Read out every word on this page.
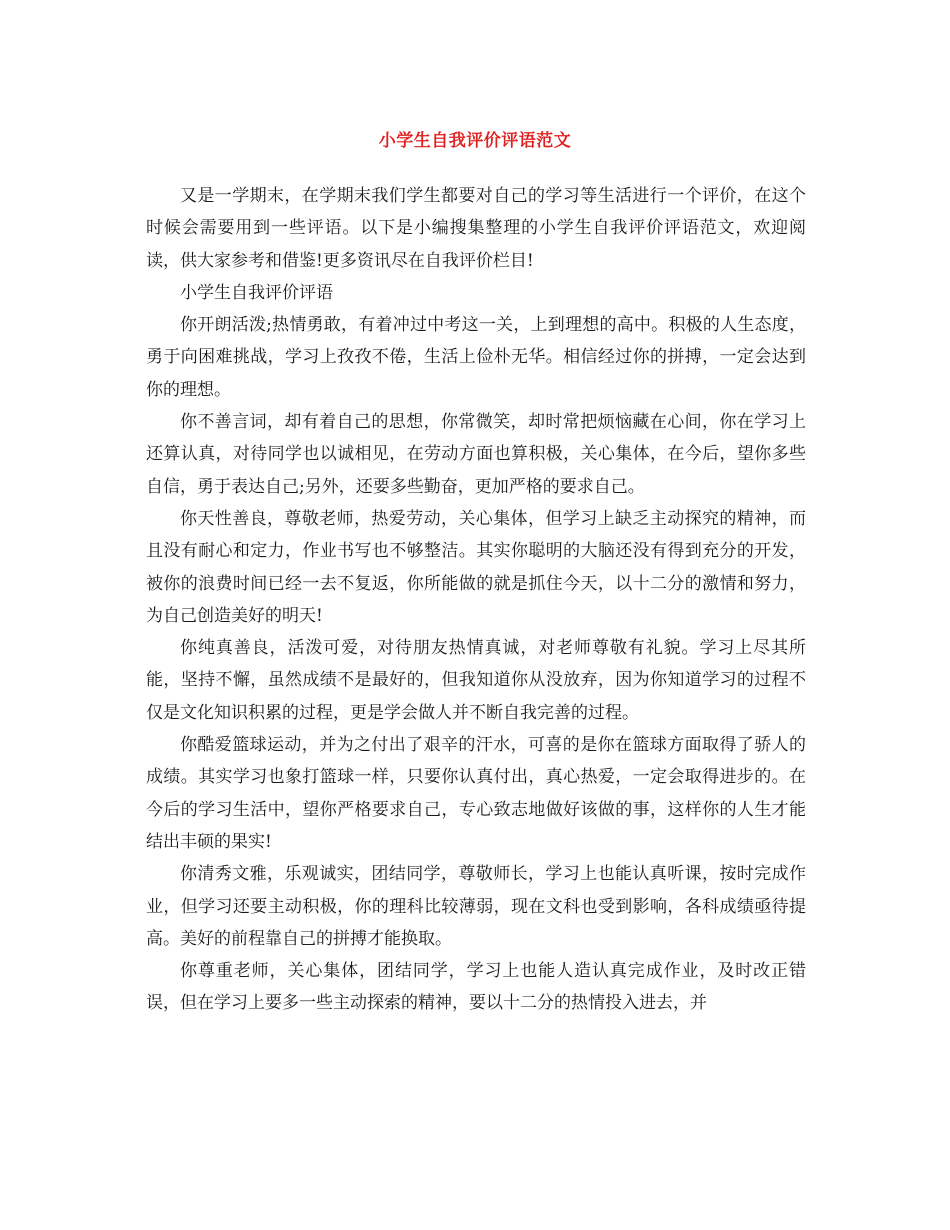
小学生自我评价评语范文

又是一学期末，在学期末我们学生都要对自己的学习等生活进行一个评价，在这个时候会需要用到一些评语。以下是小编搜集整理的小学生自我评价评语范文，欢迎阅读，供大家参考和借鉴!更多资讯尽在自我评价栏目!

小学生自我评价评语

你开朗活泼;热情勇敢，有着冲过中考这一关，上到理想的高中。积极的人生态度，勇于向困难挑战，学习上孜孜不倦，生活上俭朴无华。相信经过你的拼搏，一定会达到你的理想。

你不善言词，却有着自己的思想，你常微笑，却时常把烦恼藏在心间，你在学习上还算认真，对待同学也以诚相见，在劳动方面也算积极，关心集体，在今后，望你多些自信，勇于表达自己;另外，还要多些勤奋，更加严格的要求自己。

你天性善良，尊敬老师，热爱劳动，关心集体，但学习上缺乏主动探究的精神，而且没有耐心和定力，作业书写也不够整洁。其实你聪明的大脑还没有得到充分的开发，被你的浪费时间已经一去不复返，你所能做的就是抓住今天，以十二分的激情和努力，为自己创造美好的明天!

你纯真善良，活泼可爱，对待朋友热情真诚，对老师尊敬有礼貌。学习上尽其所能，坚持不懈，虽然成绩不是最好的，但我知道你从没放弃，因为你知道学习的过程不仅是文化知识积累的过程，更是学会做人并不断自我完善的过程。

你酷爱篮球运动，并为之付出了艰辛的汗水，可喜的是你在篮球方面取得了骄人的成绩。其实学习也象打篮球一样，只要你认真付出，真心热爱，一定会取得进步的。在今后的学习生活中，望你严格要求自己，专心致志地做好该做的事，这样你的人生才能结出丰硕的果实!

你清秀文雅，乐观诚实，团结同学，尊敬师长，学习上也能认真听课，按时完成作业，但学习还要主动积极，你的理科比较薄弱，现在文科也受到影响，各科成绩亟待提高。美好的前程靠自己的拼搏才能换取。

你尊重老师，关心集体，团结同学，学习上也能人造认真完成作业，及时改正错误，但在学习上要多一些主动探索的精神，要以十二分的热情投入进去，并
